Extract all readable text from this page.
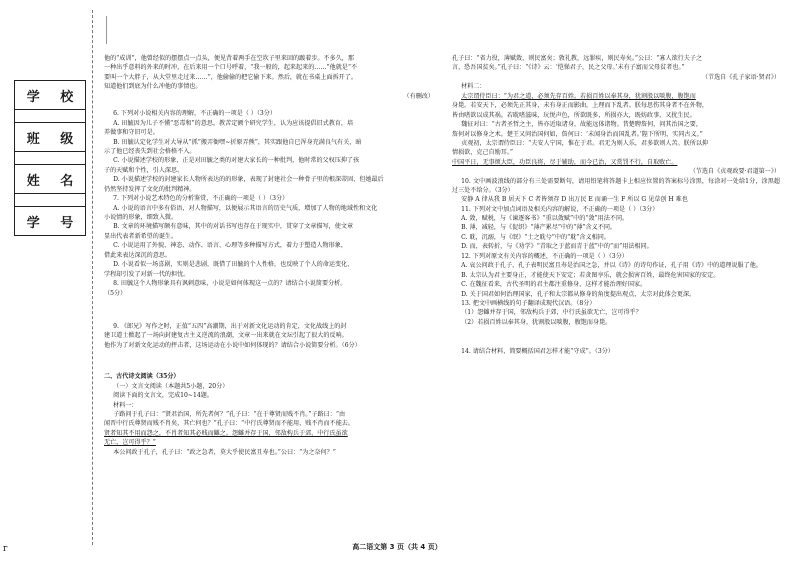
学 校
班 级
姓 名
学 号

他的“成训”，他曾经似的摆摆点一点头，便见背着两手在空坎子里来回的踱着步。不多久，那

一种出乎意料的外来的时冲，在后来用一个口号呼着，“我一般的，起来起来的……”他就是“不

要叫一个大胖子，从大堂里走过来……”，他偷偷的把它偷下来。然后，就在书桌上面拆开了。

知道他们到底为什么冲他的事情也。

（有删改）

6. 下列对小说相关内容的理解，不正确的一项是（ ）（3分）

A. 田毓因为儿子不懂“恶毒和”的意思，教苦定额个研究学生，认为应该提倡旧式教育，培

养做事和守旧可是。

B. 田毓认定化学生对大导从“抓”搬弄衙嘿~折原弄熊”，其实跟他自已浑身充满良气有关，暗

示了他已经丧失到社会格格不入。

C. 小说描述学校的形象，正是对田毓之类的对建大家长的一种批判，他时常的父权压抑了孩

子的天赋和个性，引人深思。

D. 小说描述学校的封建家长人物所表达的的形象，表现了封建社会一种骨子里的根深蒂固，但她最后

仍然坚持发挥了文化的批判精神。

7. 下列对小说艺术特色的分析鉴赏，不正确的一项是（ ）（3分）

A. 小说的语言中多有俗语，对人物描写，以便展示其语言的历史气质，增加了人物的地域性和文化

小说情的形象，细致入微。

B. 文章的环境描写颇有意味，其中的对话书写也存在于现实中，贯穿了文章描写，使文章

显出代表者新希望的诞生。

C. 小说运用了外貌、神态、动作、语言、心理等多种描写方式，着力于塑造人物形象，

借此来表达深沉的意思。

D. 小说看似一场喜剧，实则是悲剧，既借了田毓的个人性格，也反映了个人的命运变化，

学程却引发了对新一代的担忧。

8. 田毓这个人物形象具有讽刺意味，小说是如何体现这一点的？请结合小说简要分析。

（5分）

9. 《郎兄》写作之时，正值“五四”高潮期，出于对新文化运动的肯定，文化战线上的封

建卫道士掀起了一场向封建复古主义逆流的浪潮，文章一出来就在文坛引起了很大的反响。

他作为了对新文化运动的抨击者，这场运动在小说中如何体现的？请结合小说简要分析。（6分）

二、古代诗文阅读（35分）

（一）文言文阅读（本题共5小题，20分）

阅读下面的文言文，完成10~14题。

材料一：

子路问于孔子曰：“贤君治国，所先者何？”孔子曰：“在于尊贤而贱不肖。”子路曰：“由

闻晋中行氏尊贤而贱不肖矣，其亡何也？”孔子曰：“中行氏尊贤而不能用，贱不肖而不能去。

贤者知其不用而怨之，不肖者知其必贱而雠之。怨雠并存于国，邻敌构兵于郊，中行氏虽欲

无亡，岂可得乎？”

本公问政于孔子，孔子曰：“政之急者，莫大乎使民富且寿也。”公曰：“为之奈何？”

孔子曰：“省力役，薄赋敛，则民富矣；敦礼教，远罪疾，则民寿矣。”公曰：“寡人欲行夫子之

言，恐吾国贫矣。”孔子曰：“《诗》云：‘恺悌君子，民之父母。’未有子富而父母贫者也。”

（节选自《孔子家语·贤君》）

材料二：

太宗谓侍臣曰：“为君之道，必须先存百姓。若损百姓以奉其身，犹割股以啖腹，腹饱而

身毙。若安天下，必须先正其身，未有身正而影曲，上理而下乱者。朕每思伤其身者不在外物，

皆由嗜欲以成其祸。若耽嗜滋味，玩悦声色，所欲既多，所损亦大，既妨政事，又扰生民。

魏征对曰：“古者圣哲之主，皆亦近取诸身，故能远体诸物。昔楚聘詹何，问其治国之要，

詹何对以修身之术。楚王又问治国何如，詹何曰：‘未闻身治而国乱者。’陛下所明，实同古义。”

贞观初，太宗谓侍臣曰：“夫安人宁国，惟在于君。君无为则人乐，君多欲则人苦。朕所以抑

情损欲，克己自励耳。”

中国平日，无事烦大臣，功臣良将，尽于辅助，而今已治，又赏罚不行，自取败亡。

（节选自《贞观政要·君道第一》）

10. 文中画波浪线的部分有三处需要断句，请用铅笔将答题卡上相应位置的答案标号涂黑，每涂对一处给1分，涂黑超过三处不给分。（3分）

安静 A 律从我 B 居天下 C 者皆须存 D 出万民 E 而诵一生 F 所以 G 见草创 H 难也

11. 下列对文中加点词语及相关内容的解说，不正确的一项是（ ）（3分）

A. 敛，赋税，与《谏逐客书》“重以敛赋”中的“敛”用法不同。

B. 薄，减轻，与《促织》“薄产累尽”中的“薄”含义不同。

C. 耽，沉溺，与《氓》“士之耽兮”中的“耽”含义相同。

D. 而，表转折，与《劝学》“青取之于蓝而青于蓝”中的“而”用法相同。

12. 下列对原文有关内容的概述，不正确的一项是（ ）（3分）

A. 哀公问政于孔子，孔子表明民富且寿是治国之急，并以《诗》的诗句作证，孔子用《诗》中的道理说服了他。

B. 太宗认为君主要身正，才能使天下安定；若贪图享乐，就会损害百姓，最终危害国家的安定。

C. 在魏征看来，古代圣明的君主都注重修身，这样才能治理好国家。

D. 关于国君如何治理国家，孔子和太宗都从修身的角度提出观点，太宗对此体会更深。

13. 把文中画横线的句子翻译成现代汉语。（8分）

（1）怨雠并存于国，邻敌构兵于郊，中行氏虽欲无亡，岂可得乎？

（2）若损百姓以奉其身，犹割股以啖腹，腹饱而身毙。

14. 请结合材料，简要概括国君怎样才能“守成”。（3分）

高二语文第 3 页（共 4 页）
г
